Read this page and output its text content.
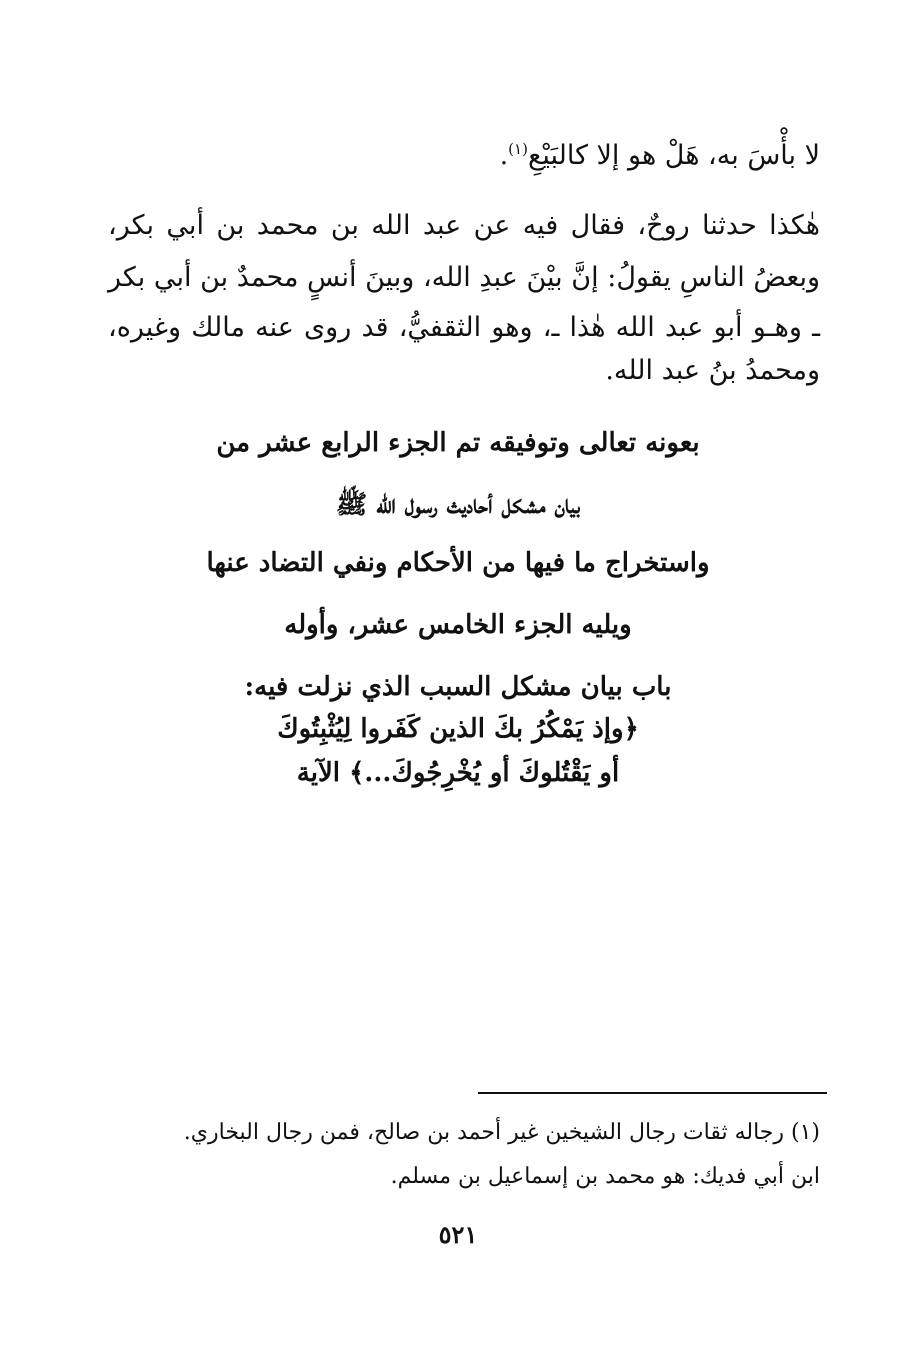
لا بأْسَ به، هَلْ هو إلا كالبَيْعِ$^{(١)}$.
هٰكذا حدثنا روحٌ، فقال فيه عن عبد الله بن محمد بن أبي بكر،
وبعضُ الناسِ يقولُ: إنَّ بيْنَ عبدِ الله، وبينَ أنسٍ محمدٌ بن أبي بكر
ـ وهـو أبو عبد الله هٰذا ـ، وهو الثقفيُّ، قد روى عنه مالك وغيره،
ومحمدُ بنُ عبد الله.
بعونه تعالى وتوفيقه تم الجزء الرابع عشر من
بيان مشكل أحاديث رسول الله ﷺ
واستخراج ما فيها من الأحكام ونفي التضاد عنها
ويليه الجزء الخامس عشر، وأوله
باب بيان مشكل السبب الذي نزلت فيه:
﴿وإذ يَمْكُرُ بكَ الذين كَفَروا لِيُثْبِتُوكَ
أو يَقْتُلوكَ أو يُخْرِجُوكَ...﴾ الآية
(١) رجاله ثقات رجال الشيخين غير أحمد بن صالح، فمن رجال البخاري.
ابن أبي فديك: هو محمد بن إسماعيل بن مسلم.
٥٢١
